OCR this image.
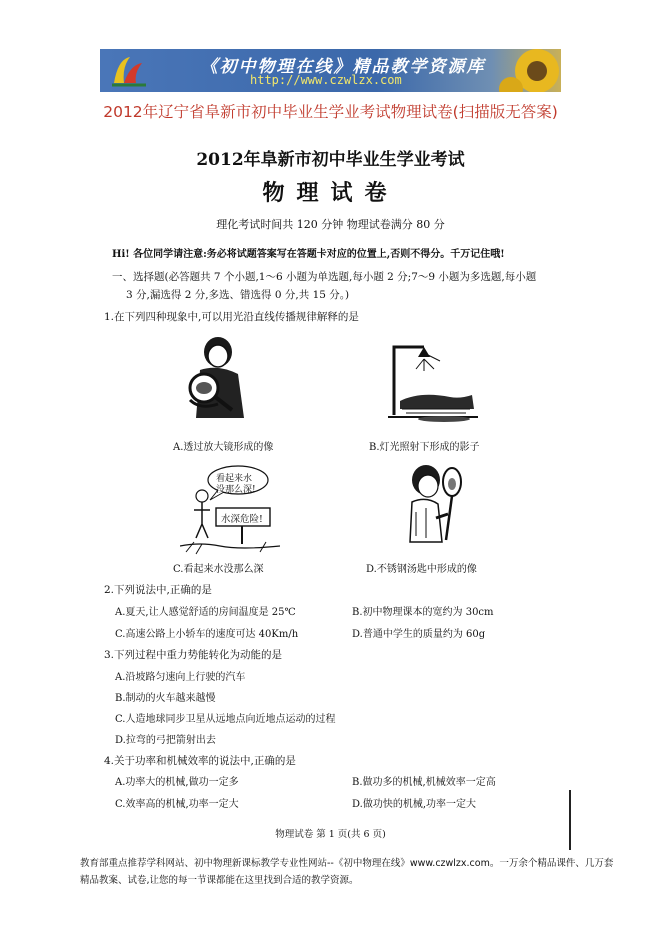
《初中物理在线》精品教学资源库
http://www.czwlzx.com
2012年辽宁省阜新市初中毕业生学业考试物理试卷(扫描版无答案)
2012年阜新市初中毕业生学业考试
物理试卷
理化考试时间共 120 分钟 物理试卷满分 80 分
Hi! 各位同学请注意:务必将试题答案写在答题卡对应的位置上,否则不得分。千万记住哦!
一、选择题(必答题共 7 个小题,1～6 小题为单选题,每小题 2 分;7～9 小题为多选题,每小题
3 分,漏选得 2 分,多选、错选得 0 分,共 15 分。)
1.在下列四种现象中,可以用光沿直线传播规律解释的是
A.透过放大镜形成的像	B.灯光照射下形成的影子
看起来水
没那么深!
水深危险!
C.看起来水没那么深	D.不锈钢汤匙中形成的像
2.下列说法中,正确的是
A.夏天,让人感觉舒适的房间温度是 25℃	B.初中物理课本的宽约为 30cm
C.高速公路上小轿车的速度可达 40Km/h	D.普通中学生的质量约为 60g
3.下列过程中重力势能转化为动能的是
A.沿坡路匀速向上行驶的汽车
B.制动的火车越来越慢
C.人造地球同步卫星从远地点向近地点运动的过程
D.拉弯的弓把箭射出去
4.关于功率和机械效率的说法中,正确的是
A.功率大的机械,做功一定多	B.做功多的机械,机械效率一定高
C.效率高的机械,功率一定大	D.做功快的机械,功率一定大
物理试卷 第 1 页(共 6 页)
教育部重点推荐学科网站、初中物理新课标教学专业性网站--《初中物理在线》www.czwlzx.com。一万余个精品课件、几万套精品教案、试卷,让您的每一节课都能在这里找到合适的教学资源。
